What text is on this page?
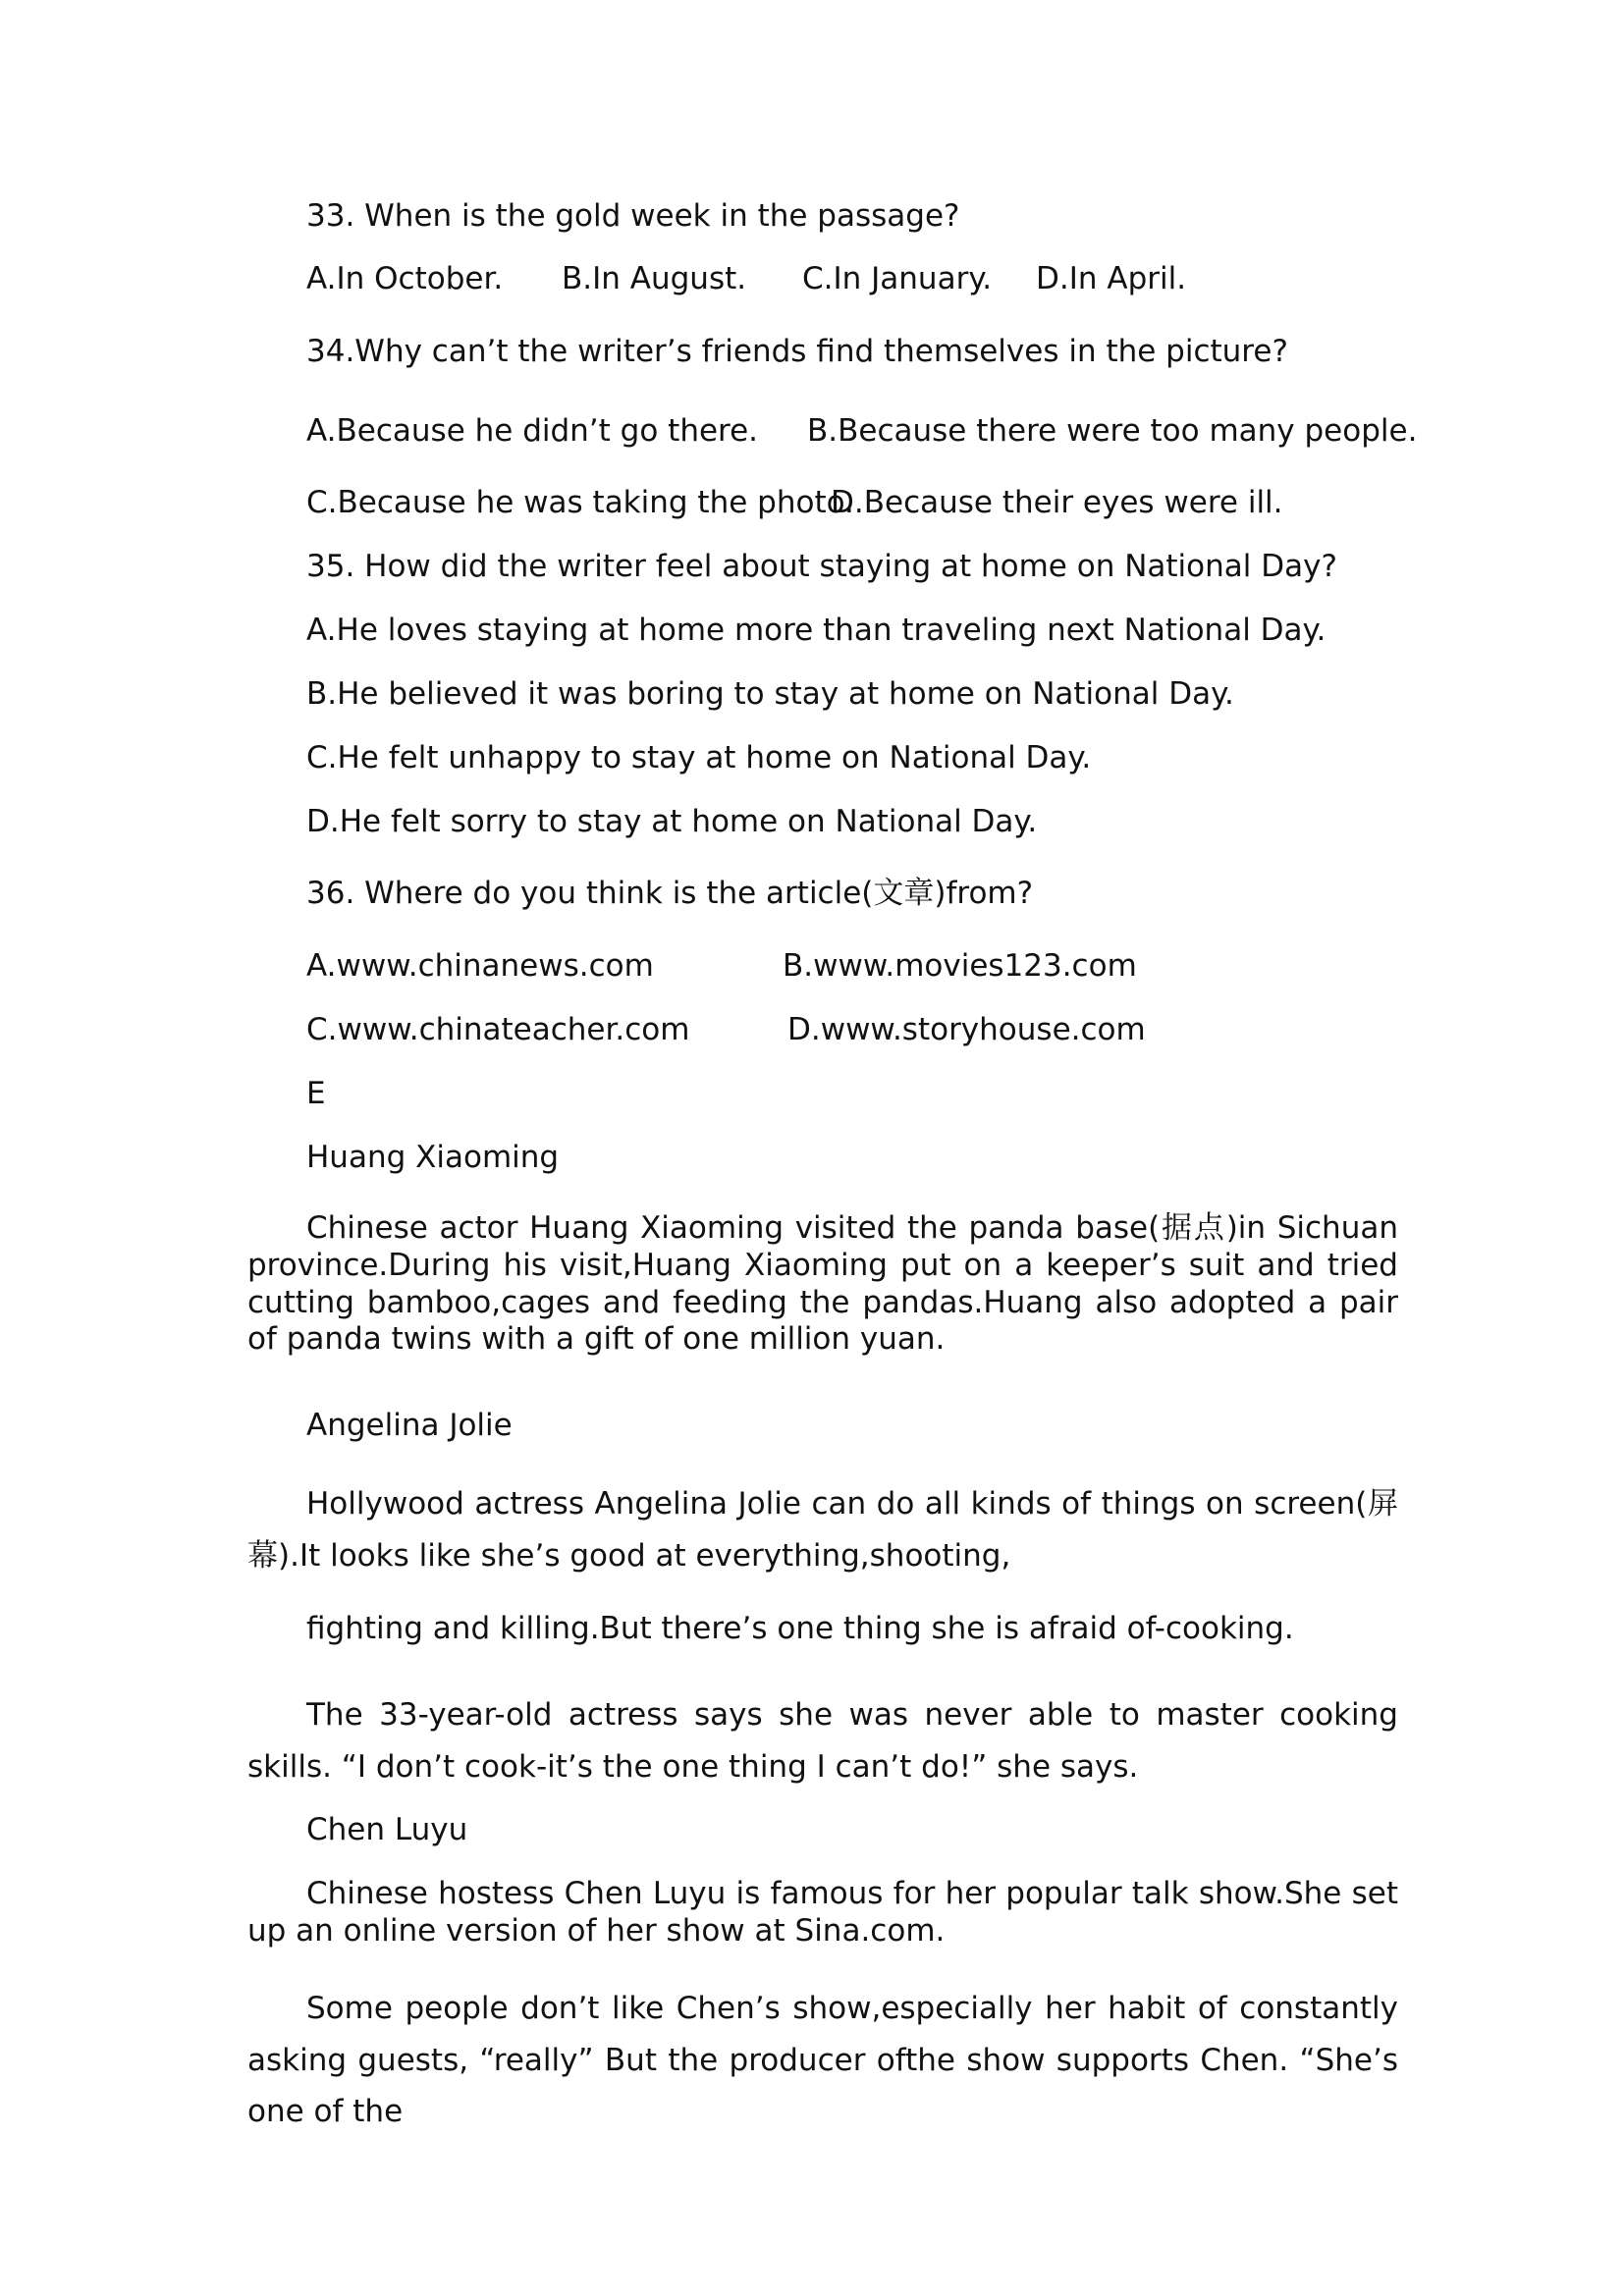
33. When is the gold week in the passage?
A.In October. B.In August. C.In January. D.In April.
34.Why can’t the writer’s friends find themselves in the picture?
A.Because he didn’t go there. B.Because there were too many people.
C.Because he was taking the photo.
D.Because their eyes were ill.
35. How did the writer feel about staying at home on National Day?
A.He loves staying at home more than traveling next National Day.
B.He believed it was boring to stay at home on National Day.
C.He felt unhappy to stay at home on National Day.
D.He felt sorry to stay at home on National Day.
36. Where do you think is the article(文章)from?
A.www.chinanews.com	B.www.movies123.com
C.www.chinateacher.com	D.www.storyhouse.com
E
Huang Xiaoming
Chinese actor Huang Xiaoming visited the panda base(据点)in Sichuan province.During his visit,Huang Xiaoming put on a keeper’s suit and tried cutting bamboo,cages and feeding the pandas.Huang also adopted a pair of panda twins with a gift of one million yuan.
Angelina Jolie
Hollywood actress Angelina Jolie can do all kinds of things on screen(屏幕).It looks like she’s good at everything,shooting,
fighting and killing.But there’s one thing she is afraid of-cooking.
The 33-year-old actress says she was never able to master cooking skills. “I don’t cook-it’s the one thing I can’t do!” she says.
Chen Luyu
Chinese hostess Chen Luyu is famous for her popular talk show.She set up an online version of her show at Sina.com.
Some people don’t like Chen’s show,especially her habit of constantly asking guests, “really” But the producer ofthe show supports Chen. “She’s one of the
